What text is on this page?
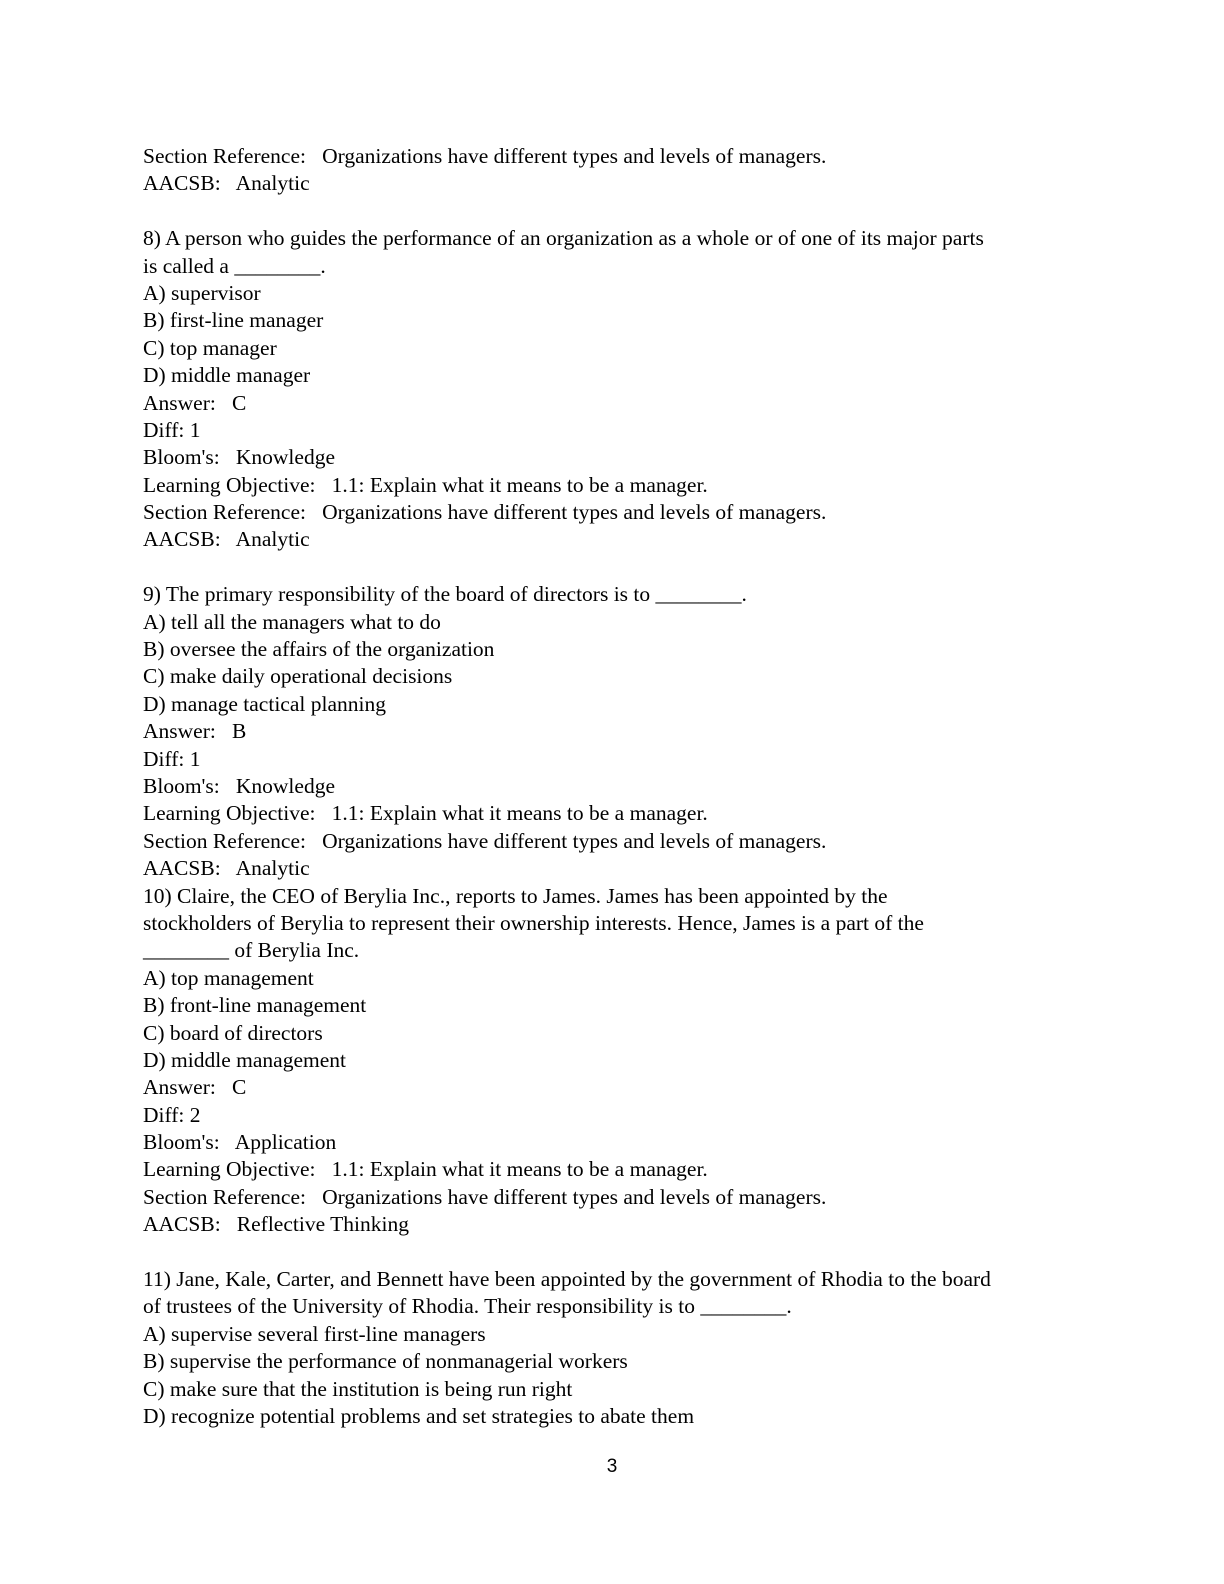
Section Reference:   Organizations have different types and levels of managers.
AACSB:   Analytic
8) A person who guides the performance of an organization as a whole or of one of its major parts
is called a ________.
A) supervisor
B) first-line manager
C) top manager
D) middle manager
Answer:   C
Diff: 1
Bloom's:   Knowledge
Learning Objective:   1.1: Explain what it means to be a manager.
Section Reference:   Organizations have different types and levels of managers.
AACSB:   Analytic
9) The primary responsibility of the board of directors is to ________.
A) tell all the managers what to do
B) oversee the affairs of the organization
C) make daily operational decisions
D) manage tactical planning
Answer:   B
Diff: 1
Bloom's:   Knowledge
Learning Objective:   1.1: Explain what it means to be a manager.
Section Reference:   Organizations have different types and levels of managers.
AACSB:   Analytic
10) Claire, the CEO of Berylia Inc., reports to James. James has been appointed by the
stockholders of Berylia to represent their ownership interests. Hence, James is a part of the
________ of Berylia Inc.
A) top management
B) front-line management
C) board of directors
D) middle management
Answer:   C
Diff: 2
Bloom's:   Application
Learning Objective:   1.1: Explain what it means to be a manager.
Section Reference:   Organizations have different types and levels of managers.
AACSB:   Reflective Thinking
11) Jane, Kale, Carter, and Bennett have been appointed by the government of Rhodia to the board
of trustees of the University of Rhodia. Their responsibility is to ________.
A) supervise several first-line managers
B) supervise the performance of nonmanagerial workers
C) make sure that the institution is being run right
D) recognize potential problems and set strategies to abate them
3
